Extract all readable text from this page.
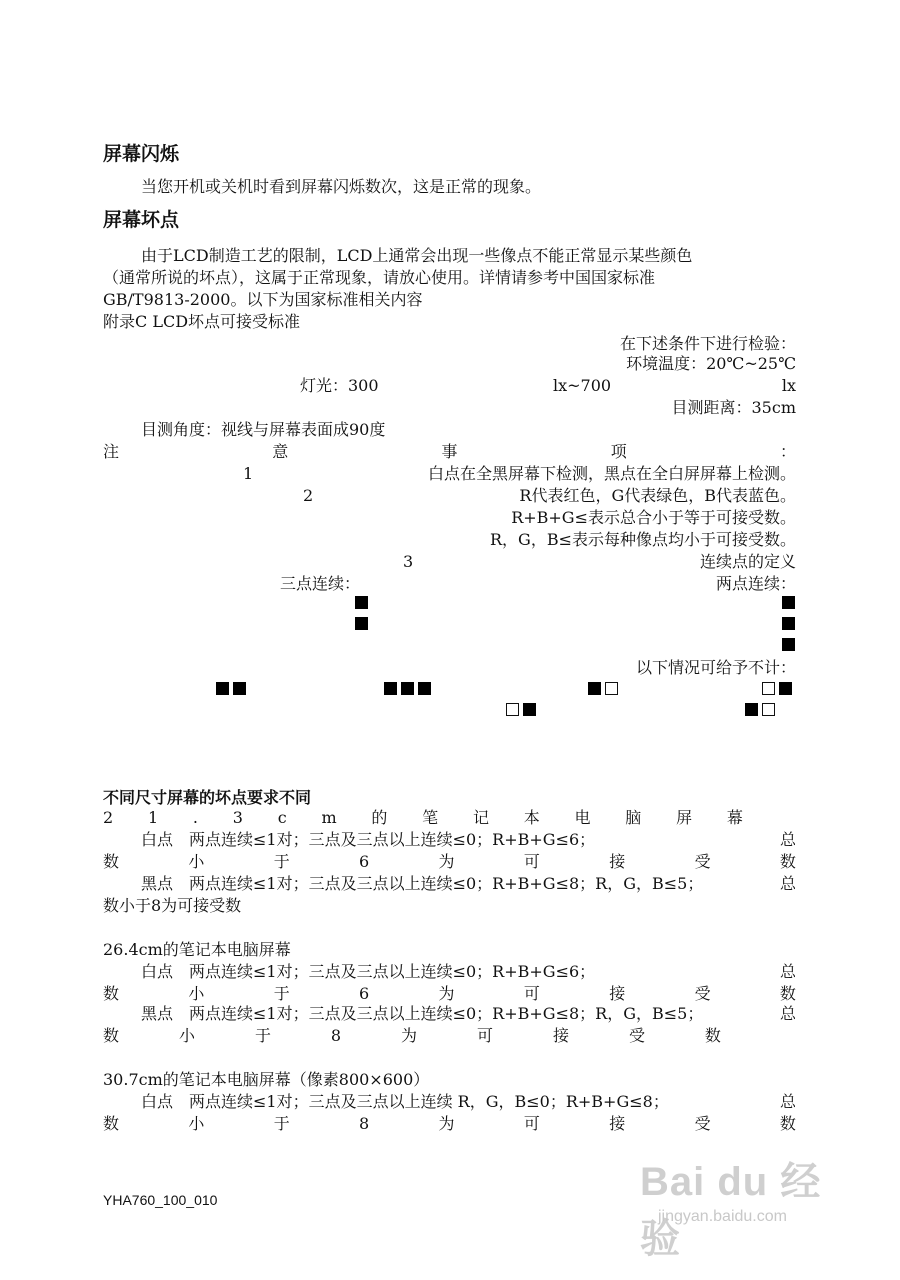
屏幕闪烁
当您开机或关机时看到屏幕闪烁数次，这是正常的现象。
屏幕坏点
由于LCD制造工艺的限制，LCD上通常会出现一些像点不能正常显示某些颜色
（通常所说的坏点），这属于正常现象，请放心使用。详情请参考中国国家标准
GB/T9813-2000。以下为国家标准相关内容
附录C LCD坏点可接受标准
在下述条件下进行检验：
环境温度：20℃~25℃
灯光：300	lx~700	lx
目测距离：35cm
目测角度：视线与屏幕表面成90度
注	意	事	项	：
1	白点在全黑屏幕下检测，黑点在全白屏屏幕上检测。
2	R代表红色，G代表绿色，B代表蓝色。
R+B+G≤表示总合小于等于可接受数。
R，G，B≤表示每种像点均小于可接受数。
3	连续点的定义
三点连续：	两点连续：
以下情况可给予不计：
不同尺寸屏幕的坏点要求不同
2 1 . 3 c m 的 笔 记 本 电 脑 屏 幕
白点　两点连续≤1对；三点及三点以上连续≤0；R+B+G≤6；	总
数	小	于	6	为	可	接	受	数
黑点　两点连续≤1对；三点及三点以上连续≤0；R+B+G≤8；R，G，B≤5；	总
数小于8为可接受数
26.4cm的笔记本电脑屏幕
白点　两点连续≤1对；三点及三点以上连续≤0；R+B+G≤6；	总
数	小	于	6	为	可	接	受	数
黑点　两点连续≤1对；三点及三点以上连续≤0；R+B+G≤8；R，G，B≤5；	总
数	小	于	8	为	可	接	受	数
30.7cm的笔记本电脑屏幕（像素800×600）
白点　两点连续≤1对；三点及三点以上连续 R，G，B≤0；R+B+G≤8；	总
数	小	于	8	为	可	接	受	数
YHA760_100_010	Bai du 经验
jingyan.baidu.com
